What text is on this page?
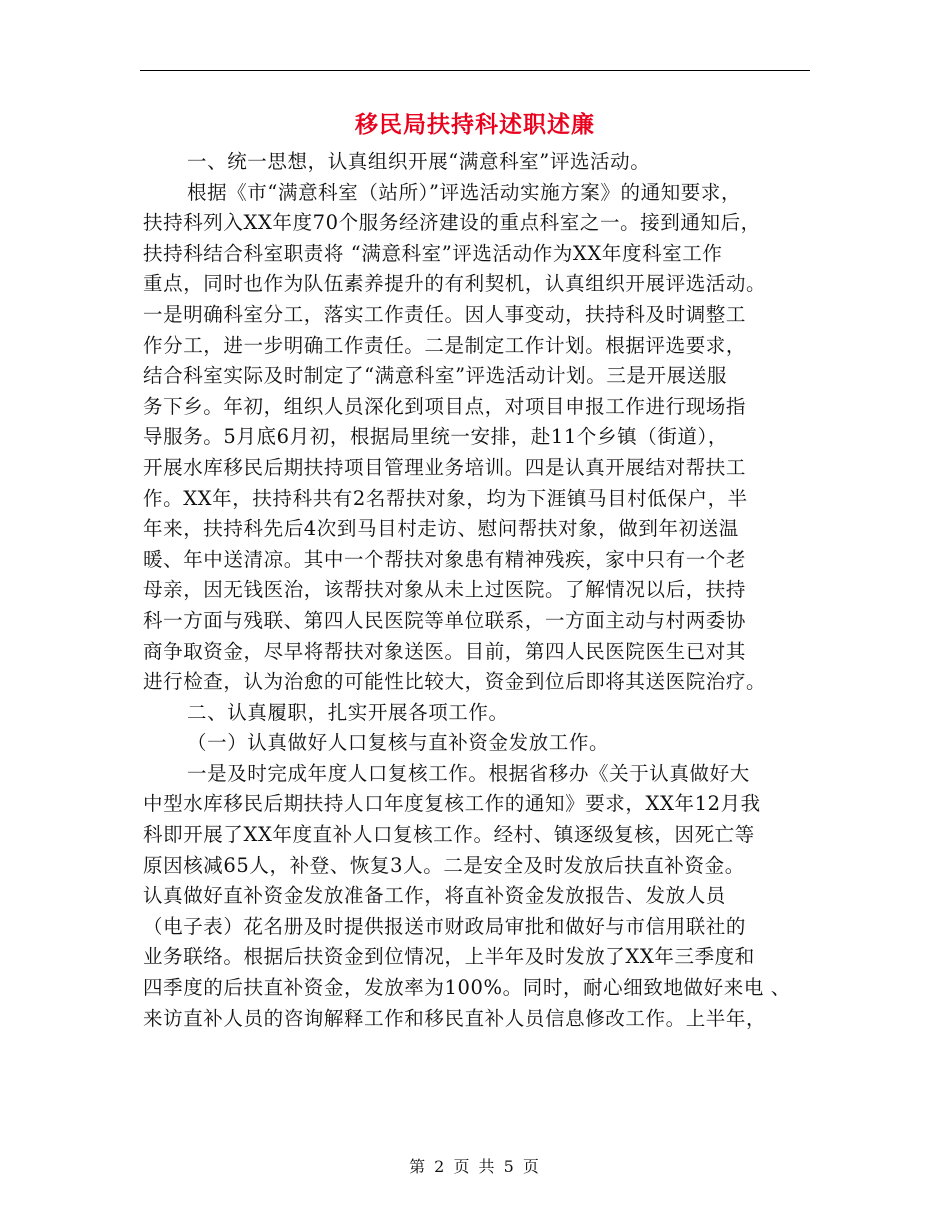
移民局扶持科述职述廉
一、统一思想，认真组织开展“满意科室”评选活动。
根据《市“满意科室（站所）”评选活动实施方案》的通知要求，
扶持科列入XX年度70个服务经济建设的重点科室之一。接到通知后，
扶持科结合科室职责将 “满意科室”评选活动作为XX年度科室工作
重点，同时也作为队伍素养提升的有利契机，认真组织开展评选活动。
一是明确科室分工，落实工作责任。因人事变动，扶持科及时调整工
作分工，进一步明确工作责任。二是制定工作计划。根据评选要求，
结合科室实际及时制定了“满意科室”评选活动计划。三是开展送服
务下乡。年初，组织人员深化到项目点，对项目申报工作进行现场指
导服务。5月底6月初，根据局里统一安排，赴11个乡镇（街道），
开展水库移民后期扶持项目管理业务培训。四是认真开展结对帮扶工
作。XX年，扶持科共有2名帮扶对象，均为下涯镇马目村低保户，半
年来，扶持科先后4次到马目村走访、慰问帮扶对象，做到年初送温
暖、年中送清凉。其中一个帮扶对象患有精神残疾，家中只有一个老
母亲，因无钱医治，该帮扶对象从未上过医院。了解情况以后，扶持
科一方面与残联、第四人民医院等单位联系，一方面主动与村两委协
商争取资金，尽早将帮扶对象送医。目前，第四人民医院医生已对其
进行检查，认为治愈的可能性比较大，资金到位后即将其送医院治疗。
二、认真履职，扎实开展各项工作。
（一）认真做好人口复核与直补资金发放工作。
一是及时完成年度人口复核工作。根据省移办《关于认真做好大
中型水库移民后期扶持人口年度复核工作的通知》要求，XX年12月我
科即开展了XX年度直补人口复核工作。经村、镇逐级复核，因死亡等
原因核减65人，补登、恢复3人。二是安全及时发放后扶直补资金。
认真做好直补资金发放准备工作，将直补资金发放报告、发放人员
（电子表）花名册及时提供报送市财政局审批和做好与市信用联社的
业务联络。根据后扶资金到位情况，上半年及时发放了XX年三季度和
四季度的后扶直补资金，发放率为100%。同时，耐心细致地做好来电 、
来访直补人员的咨询解释工作和移民直补人员信息修改工作。上半年，
第 2 页 共 5 页
